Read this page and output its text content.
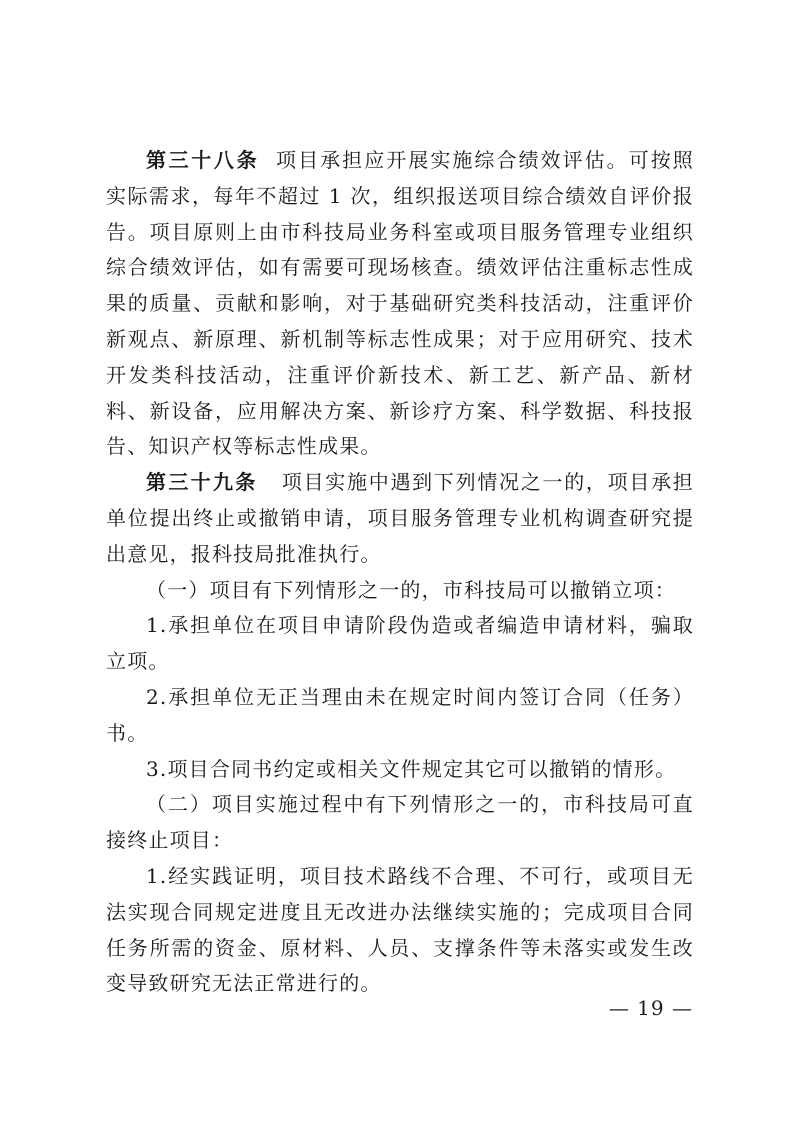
第三十八条 项目承担应开展实施综合绩效评估。可按照实际需求，每年不超过 1 次，组织报送项目综合绩效自评价报告。项目原则上由市科技局业务科室或项目服务管理专业组织综合绩效评估，如有需要可现场核查。绩效评估注重标志性成果的质量、贡献和影响，对于基础研究类科技活动，注重评价新观点、新原理、新机制等标志性成果；对于应用研究、技术开发类科技活动，注重评价新技术、新工艺、新产品、新材料、新设备，应用解决方案、新诊疗方案、科学数据、科技报告、知识产权等标志性成果。

第三十九条 项目实施中遇到下列情况之一的，项目承担单位提出终止或撤销申请，项目服务管理专业机构调查研究提出意见，报科技局批准执行。

（一）项目有下列情形之一的，市科技局可以撤销立项：

1.承担单位在项目申请阶段伪造或者编造申请材料，骗取立项。

2.承担单位无正当理由未在规定时间内签订合同（任务）书。

3.项目合同书约定或相关文件规定其它可以撤销的情形。

（二）项目实施过程中有下列情形之一的，市科技局可直接终止项目：

1.经实践证明，项目技术路线不合理、不可行，或项目无法实现合同规定进度且无改进办法继续实施的；完成项目合同任务所需的资金、原材料、人员、支撑条件等未落实或发生改变导致研究无法正常进行的。

— 19 —
